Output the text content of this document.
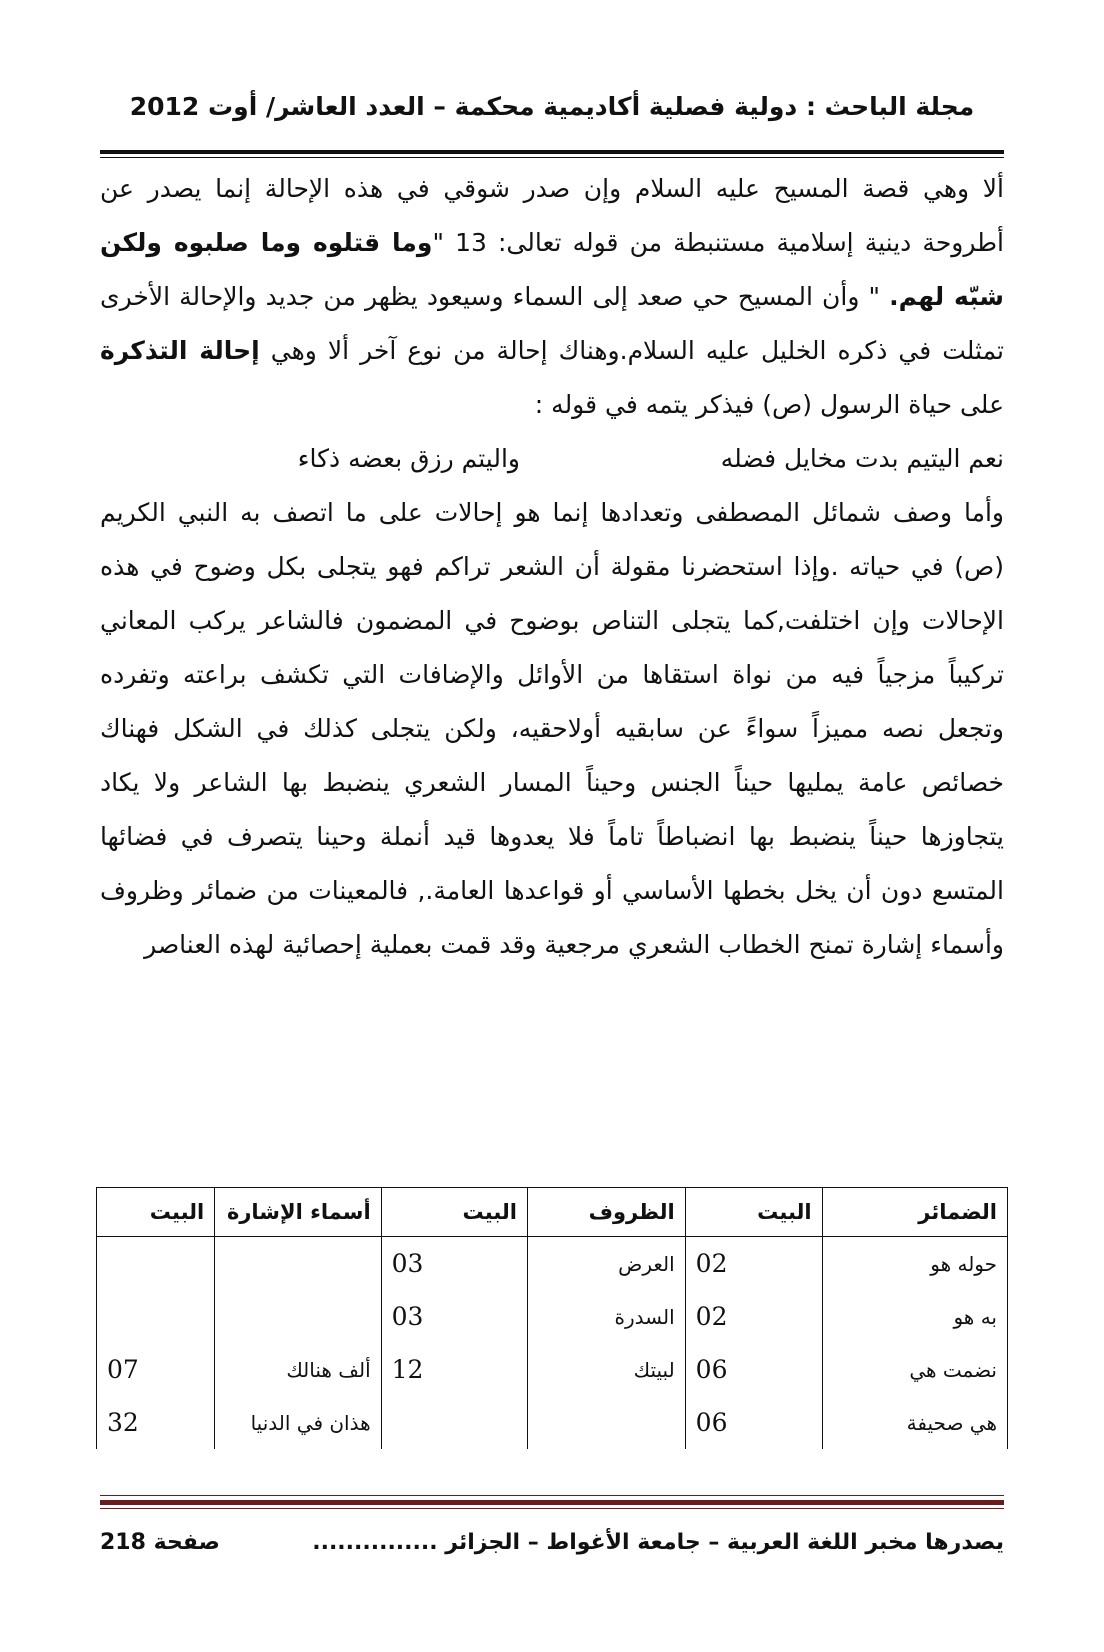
مجلة الباحث : دولية فصلية أكاديمية محكمة – العدد العاشر/ أوت 2012

ألا وهي قصة المسيح عليه السلام وإن صدر شوقي في هذه الإحالة إنما يصدر عن أطروحة دينية إسلامية مستنبطة من قوله تعالى: 13 "وما قتلوه وما صلبوه ولكن شبّه لهم. " وأن المسيح حي صعد إلى السماء وسيعود يظهر من جديد والإحالة الأخرى تمثلت في ذكره الخليل عليه السلام.وهناك إحالة من نوع آخر ألا وهي إحالة التذكرة على حياة الرسول (ص) فيذكر يتمه في قوله :

نعم اليتيم بدت مخايل فضله
واليتم رزق بعضه ذكاء

وأما وصف شمائل المصطفى وتعدادها إنما هو إحالات على ما اتصف به النبي الكريم (ص) في حياته .وإذا استحضرنا مقولة أن الشعر تراكم فهو يتجلى بكل وضوح في هذه الإحالات وإن اختلفت,كما يتجلى التناص بوضوح في المضمون فالشاعر يركب المعاني تركيباً مزجياً فيه من نواة استقاها من الأوائل والإضافات التي تكشف براعته وتفرده وتجعل نصه مميزاً سواءً عن سابقيه أولاحقيه، ولكن يتجلى كذلك في الشكل فهناك خصائص عامة يمليها حيناً الجنس وحيناً المسار الشعري ينضبط بها الشاعر ولا يكاد يتجاوزها حيناً ينضبط بها انضباطاً تاماً فلا يعدوها قيد أنملة وحينا يتصرف في فضائها المتسع دون أن يخل بخطها الأساسي أو قواعدها العامة., فالمعينات من ضمائر وظروف وأسماء إشارة تمنح الخطاب الشعري مرجعية وقد قمت بعملية إحصائية لهذه العناصر

الضمائر	البيت	الظروف	البيت	أسماء الإشارة	البيت
حوله هو	02	العرض	03		
به هو	02	السدرة	03		
نضمت هي	06	لبيتك	12	ألف هنالك	07
هي صحيفة	06			هذان في الدنيا	32
يصدرها مخبر اللغة العربية – جامعة الأغواط – الجزائر ...............
صفحة 218
